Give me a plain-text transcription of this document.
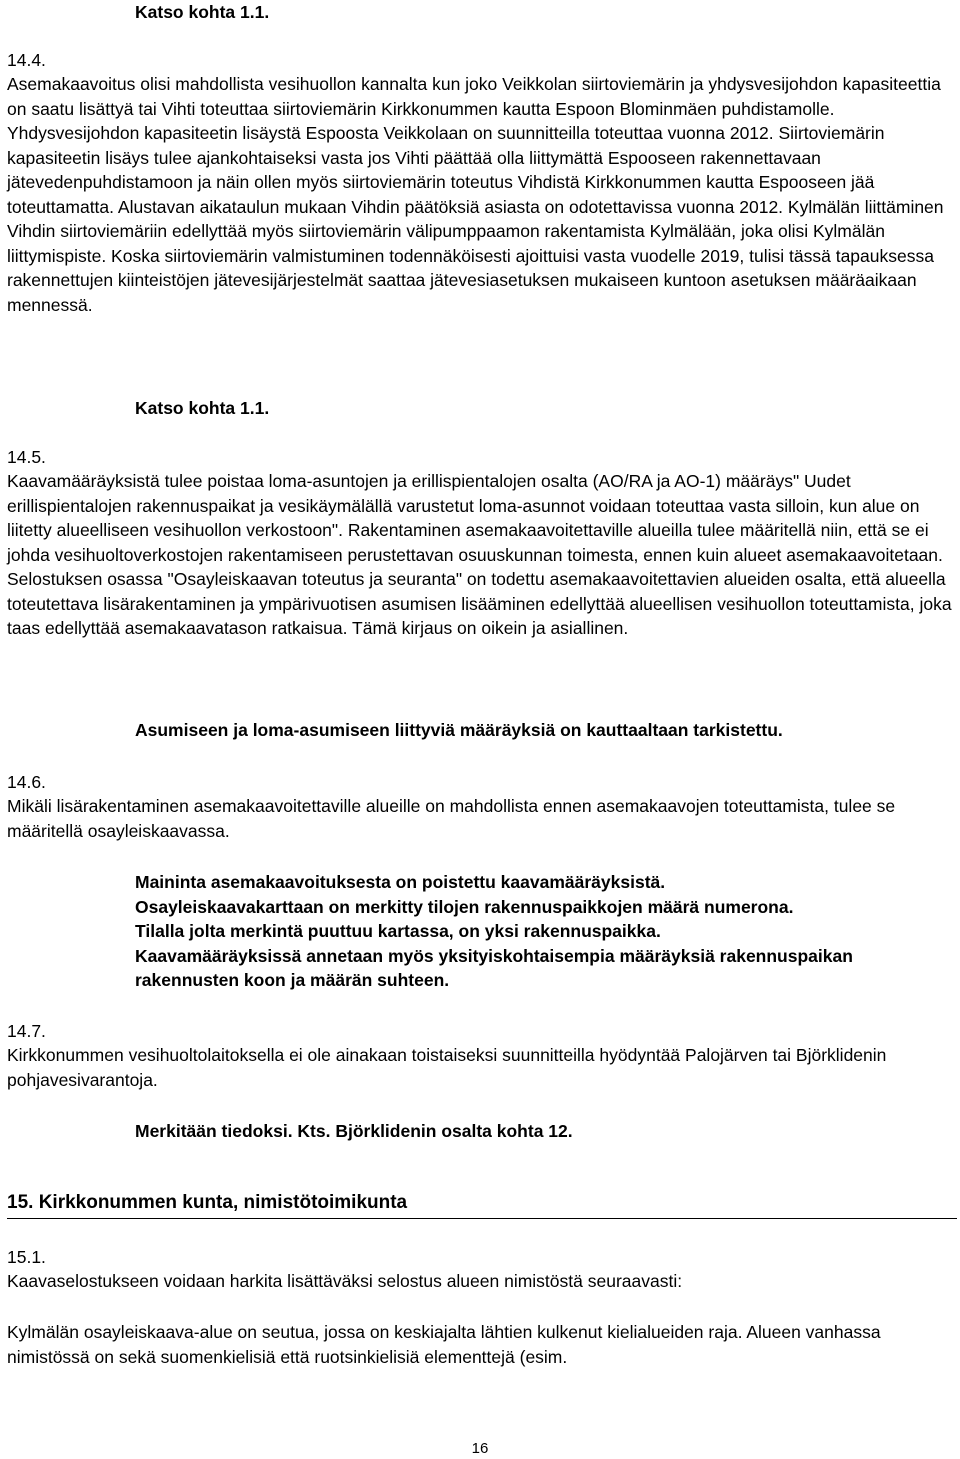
Katso kohta 1.1.

14.4.

Asemakaavoitus olisi mahdollista vesihuollon kannalta kun joko Veikkolan siirtoviemärin ja yhdysvesijohdon kapasiteettia on saatu lisättyä tai Vihti toteuttaa siirtoviemärin Kirkkonummen kautta Espoon Blominmäen puhdistamolle. Yhdysvesijohdon kapasiteetin lisäystä Espoosta Veikkolaan on suunnitteilla toteuttaa vuonna 2012. Siirtoviemärin kapasiteetin lisäys tulee ajankohtaiseksi vasta jos Vihti päättää olla liittymättä Espooseen rakennettavaan jätevedenpuhdistamoon ja näin ollen myös siirtoviemärin toteutus Vihdistä Kirkkonummen kautta Espooseen jää toteuttamatta. Alustavan aikataulun mukaan Vihdin päätöksiä asiasta on odotettavissa vuonna 2012. Kylmälän liittäminen Vihdin siirtoviemäriin edellyttää myös siirtoviemärin välipumppaamon rakentamista Kylmälään, joka olisi Kylmälän liittymispiste. Koska siirtoviemärin valmistuminen todennäköisesti ajoittuisi vasta vuodelle 2019, tulisi tässä tapauksessa rakennettujen kiinteistöjen jätevesijärjestelmät saattaa jätevesiasetuksen mukaiseen kuntoon asetuksen määräaikaan mennessä.

Katso kohta 1.1.

14.5.

Kaavamääräyksistä tulee poistaa loma-asuntojen ja erillispientalojen osalta (AO/RA ja AO-1) määräys" Uudet erillispientalojen rakennuspaikat ja vesikäymälällä varustetut loma-asunnot voidaan toteuttaa vasta silloin, kun alue on liitetty alueelliseen vesihuollon verkostoon". Rakentaminen asemakaavoitettaville alueilla tulee määritellä niin, että se ei johda vesihuoltoverkostojen rakentamiseen perustettavan osuuskunnan toimesta, ennen kuin alueet asemakaavoitetaan. Selostuksen osassa "Osayleiskaavan toteutus ja seuranta" on todettu asemakaavoitettavien alueiden osalta, että alueella toteutettava lisärakentaminen ja ympärivuotisen asumisen lisääminen edellyttää alueellisen vesihuollon toteuttamista, joka taas edellyttää asemakaavatason ratkaisua. Tämä kirjaus on oikein ja asiallinen.

Asumiseen ja loma-asumiseen liittyviä määräyksiä on kauttaaltaan tarkistettu.

14.6.

Mikäli lisärakentaminen asemakaavoitettaville alueille on mahdollista ennen asemakaavojen toteuttamista, tulee se määritellä osayleiskaavassa.

Maininta asemakaavoituksesta on poistettu kaavamääräyksistä.
Osayleiskaavakarttaan on merkitty tilojen rakennuspaikkojen määrä numerona.
Tilalla jolta merkintä puuttuu kartassa, on yksi rakennuspaikka.
Kaavamääräyksissä annetaan myös yksityiskohtaisempia määräyksiä rakennuspaikan rakennusten koon ja määrän suhteen.

14.7.

Kirkkonummen vesihuoltolaitoksella ei ole ainakaan toistaiseksi suunnitteilla hyödyntää Palojärven tai Björklidenin pohjavesivarantoja.

Merkitään tiedoksi. Kts. Björklidenin osalta kohta 12.

15. Kirkkonummen kunta, nimistötoimikunta

15.1.

Kaavaselostukseen voidaan harkita lisättäväksi selostus alueen nimistöstä seuraavasti:

Kylmälän osayleiskaava-alue on seutua, jossa on keskiajalta lähtien kulkenut kielialueiden raja. Alueen vanhassa nimistössä on sekä suomenkielisiä että ruotsinkielisiä elementtejä (esim.

16
